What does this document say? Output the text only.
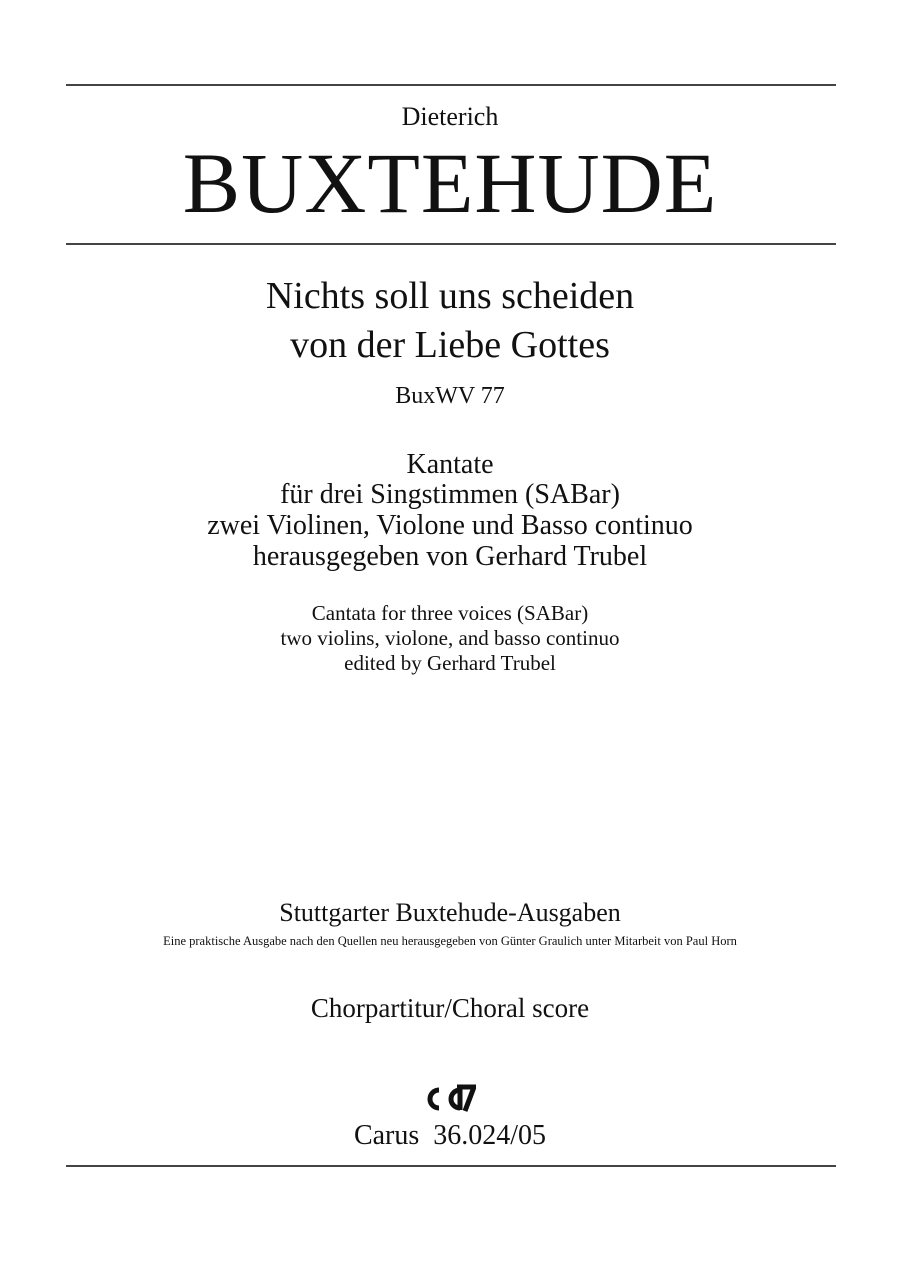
Dieterich
BUXTEHUDE
Nichts soll uns scheiden
von der Liebe Gottes
BuxWV 77
Kantate
für drei Singstimmen (SABar)
zwei Violinen, Violone und Basso continuo
herausgegeben von Gerhard Trubel
Cantata for three voices (SABar)
two violins, violone, and basso continuo
edited by Gerhard Trubel
Stuttgarter Buxtehude-Ausgaben
Eine praktische Ausgabe nach den Quellen neu herausgegeben von Günter Graulich unter Mitarbeit von Paul Horn
Chorpartitur/Choral score
Carus  36.024/05
